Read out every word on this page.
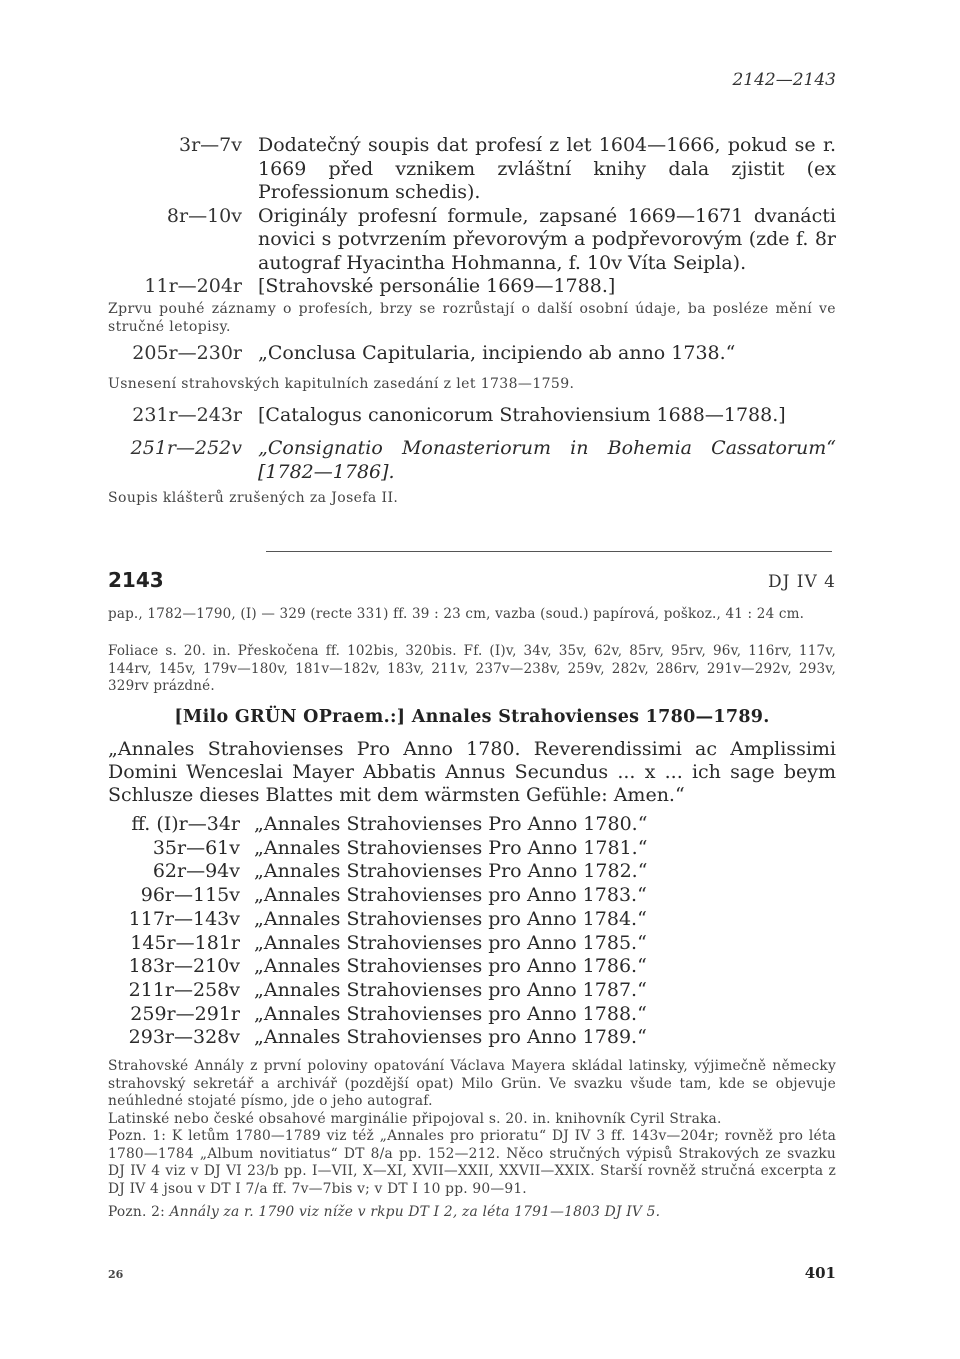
2142—2143
3r—7v Dodatečný soupis dat profesí z let 1604—1666, pokud se r. 1669 před vznikem zvláštní knihy dala zjistit (ex Professionum schedis).
8r—10v Originály profesní formule, zapsané 1669—1671 dvanácti novici s potvrzením převorovým a podpřevorovým (zde f. 8r autograf Hyacintha Hohmanna, f. 10v Víta Seipla).
11r—204r [Strahovské personálie 1669—1788.]
Zprvu pouhé záznamy o profesích, brzy se rozrůstají o další osobní údaje, ba posléze mění ve stručné letopisy.
205r—230r „Conclusa Capitularia, incipiendo ab anno 1738.“
Usnesení strahovských kapitulních zasedání z let 1738—1759.
231r—243r [Catalogus canonicorum Strahoviensium 1688—1788.]
251r—252v „Consignatio Monasteriorum in Bohemia Cassatorum“ [1782—1786].
Soupis klášterů zrušených za Josefa II.
2143	DJ IV 4
pap., 1782—1790, (I) — 329 (recte 331) ff. 39 : 23 cm, vazba (soud.) papírová, poškoz., 41 : 24 cm.
Foliace s. 20. in. Přeskočena ff. 102bis, 320bis. Ff. (I)v, 34v, 35v, 62v, 85rv, 95rv, 96v, 116rv, 117v, 144rv, 145v, 179v—180v, 181v—182v, 183v, 211v, 237v—238v, 259v, 282v, 286rv, 291v—292v, 293v, 329rv prázdné.
[Milo GRÜN OPraem.:] Annales Strahovienses 1780—1789.
„Annales Strahovienses Pro Anno 1780. Reverendissimi ac Amplissimi Domini Wenceslai Mayer Abbatis Annus Secundus ... x ... ich sage beym Schlusze dieses Blattes mit dem wärmsten Gefühle: Amen.“
ff. (I)r—34r „Annales Strahovienses Pro Anno 1780.“
35r—61v „Annales Strahovienses Pro Anno 1781.“
62r—94v „Annales Strahovienses Pro Anno 1782.“
96r—115v „Annales Strahovienses pro Anno 1783.“
117r—143v „Annales Strahovienses pro Anno 1784.“
145r—181r „Annales Strahovienses pro Anno 1785.“
183r—210v „Annales Strahovienses pro Anno 1786.“
211r—258v „Annales Strahovienses pro Anno 1787.“
259r—291r „Annales Strahovienses pro Anno 1788.“
293r—328v „Annales Strahovienses pro Anno 1789.“
Strahovské Annály z první poloviny opatování Václava Mayera skládal latinsky, výjimečně německy strahovský sekretář a archivář (pozdější opat) Milo Grün. Ve svazku všude tam, kde se objevuje neúhledné stojaté písmo, jde o jeho autograf.
Latinské nebo české obsahové marginálie připojoval s. 20. in. knihovník Cyril Straka.
Pozn. 1: K letům 1780—1789 viz též „Annales pro prioratu“ DJ IV 3 ff. 143v—204r; rovněž pro léta 1780—1784 „Album novitiatus“ DT 8/a pp. 152—212. Něco stručných výpisů Strakových ze svazku DJ IV 4 viz v DJ VI 23/b pp. I—VII, X—XI, XVII—XXII, XXVII—XXIX. Starší rovněž stručná excerpta z DJ IV 4 jsou v DT I 7/a ff. 7v—7bis v; v DT I 10 pp. 90—91.
Pozn. 2: Annály za r. 1790 viz níže v rkpu DT I 2, za léta 1791—1803 DJ IV 5.
26	401
